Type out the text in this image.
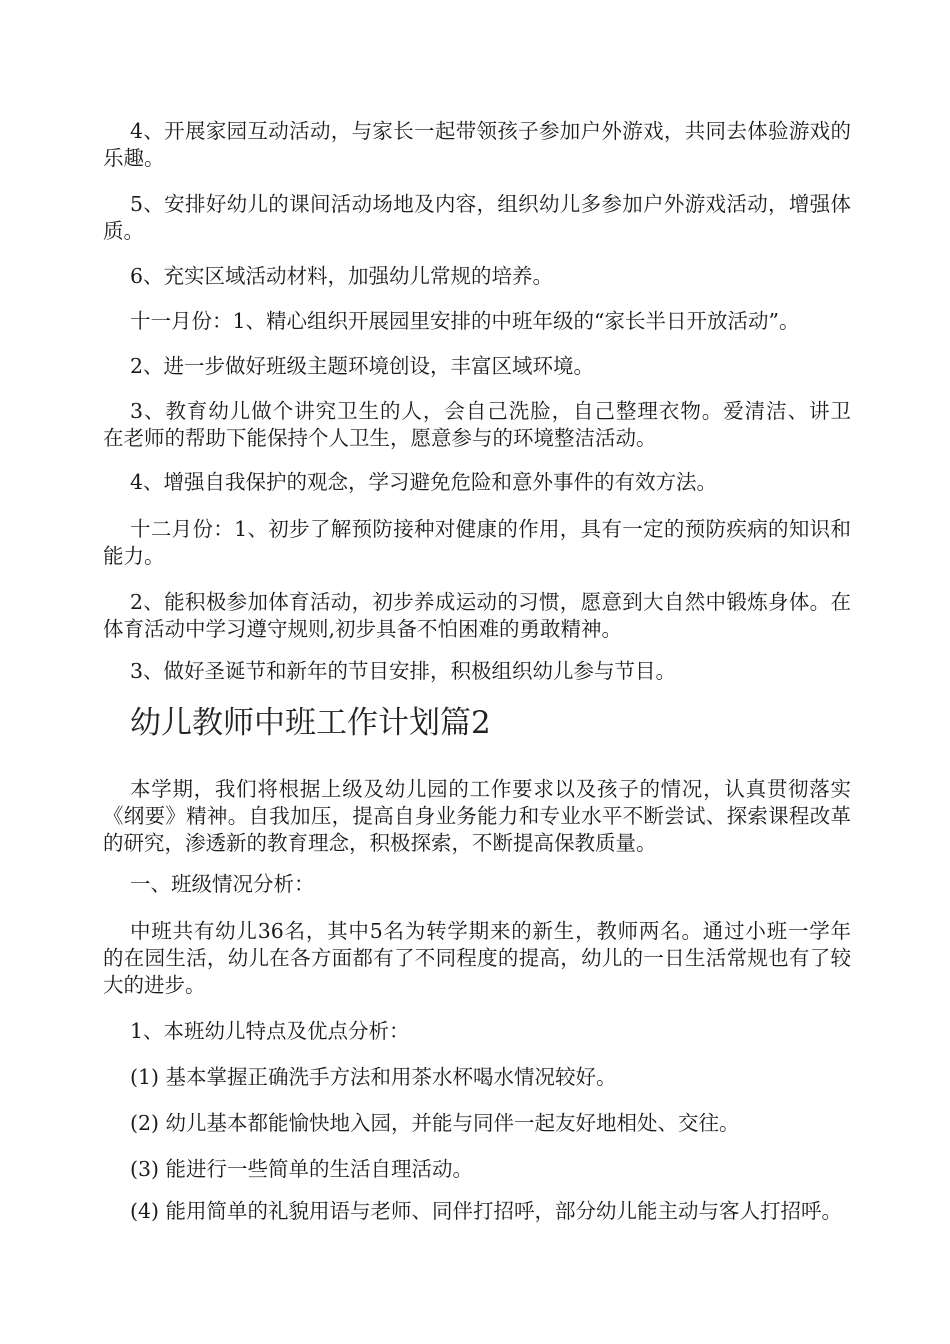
幼儿教师中班工作计划篇2
4、开展家园互动活动，与家长一起带领孩子参加户外游戏，共同去体验游戏的
乐趣。
5、安排好幼儿的课间活动场地及内容，组织幼儿多参加户外游戏活动，增强体
质。
6、充实区域活动材料，加强幼儿常规的培养。
十一月份：1、精心组织开展园里安排的中班年级的“家长半日开放活动”。
2、进一步做好班级主题环境创设，丰富区域环境。
3、教育幼儿做个讲究卫生的人，会自己洗脸，自己整理衣物。爱清洁、讲卫
在老师的帮助下能保持个人卫生，愿意参与的环境整洁活动。
4、增强自我保护的观念，学习避免危险和意外事件的有效方法。
十二月份：1、初步了解预防接种对健康的作用，具有一定的预防疾病的知识和
能力。
2、能积极参加体育活动，初步养成运动的习惯，愿意到大自然中锻炼身体。在
体育活动中学习遵守规则,初步具备不怕困难的勇敢精神。
3、做好圣诞节和新年的节目安排，积极组织幼儿参与节目。
本学期，我们将根据上级及幼儿园的工作要求以及孩子的情况，认真贯彻落实
《纲要》精神。自我加压，提高自身业务能力和专业水平不断尝试、探索课程改革
的研究，渗透新的教育理念，积极探索，不断提高保教质量。
一、班级情况分析：
中班共有幼儿36名，其中5名为转学期来的新生，教师两名。通过小班一学年
的在园生活，幼儿在各方面都有了不同程度的提高，幼儿的一日生活常规也有了较
大的进步。
1、本班幼儿特点及优点分析：
(1) 基本掌握正确洗手方法和用茶水杯喝水情况较好。
(2) 幼儿基本都能愉快地入园，并能与同伴一起友好地相处、交往。
(3) 能进行一些简单的生活自理活动。
(4) 能用简单的礼貌用语与老师、同伴打招呼，部分幼儿能主动与客人打招呼。
